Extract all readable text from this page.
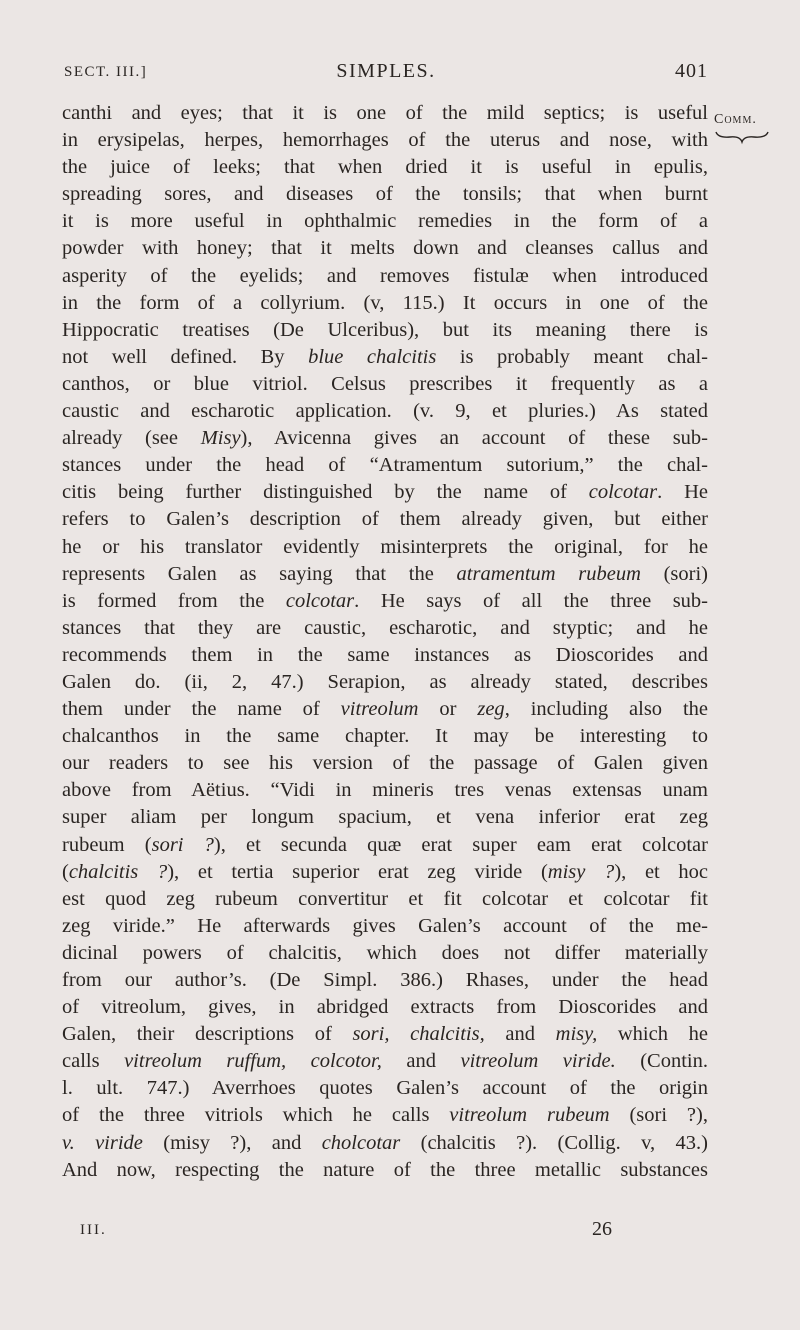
SECT. III.]	SIMPLES.	401
Comm.
canthi and eyes; that it is one of the mild septics; is useful
in erysipelas, herpes, hemorrhages of the uterus and nose, with
the juice of leeks; that when dried it is useful in epulis,
spreading sores, and diseases of the tonsils; that when burnt
it is more useful in ophthalmic remedies in the form of a
powder with honey; that it melts down and cleanses callus and
asperity of the eyelids; and removes fistulæ when introduced
in the form of a collyrium. (v, 115.) It occurs in one of the
Hippocratic treatises (De Ulceribus), but its meaning there is
not well defined. By blue chalcitis is probably meant chal-
canthos, or blue vitriol. Celsus prescribes it frequently as a
caustic and escharotic application. (v. 9, et pluries.) As stated
already (see Misy), Avicenna gives an account of these sub-
stances under the head of “Atramentum sutorium,” the chal-
citis being further distinguished by the name of colcotar. He
refers to Galen’s description of them already given, but either
he or his translator evidently misinterprets the original, for he
represents Galen as saying that the atramentum rubeum (sori)
is formed from the colcotar. He says of all the three sub-
stances that they are caustic, escharotic, and styptic; and he
recommends them in the same instances as Dioscorides and
Galen do. (ii, 2, 47.) Serapion, as already stated, describes
them under the name of vitreolum or zeg, including also the
chalcanthos in the same chapter. It may be interesting to
our readers to see his version of the passage of Galen given
above from Aëtius. “Vidi in mineris tres venas extensas unam
super aliam per longum spacium, et vena inferior erat zeg
rubeum (sori ?), et secunda quæ erat super eam erat colcotar
(chalcitis ?), et tertia superior erat zeg viride (misy ?), et hoc
est quod zeg rubeum convertitur et fit colcotar et colcotar fit
zeg viride.” He afterwards gives Galen’s account of the me-
dicinal powers of chalcitis, which does not differ materially
from our author’s. (De Simpl. 386.) Rhases, under the head
of vitreolum, gives, in abridged extracts from Dioscorides and
Galen, their descriptions of sori, chalcitis, and misy, which he
calls vitreolum ruffum, colcotor, and vitreolum viride. (Contin.
l. ult. 747.) Averrhoes quotes Galen’s account of the origin
of the three vitriols which he calls vitreolum rubeum (sori ?),
v. viride (misy ?), and cholcotar (chalcitis ?). (Collig. v, 43.)
And now, respecting the nature of the three metallic substances
III.	26
